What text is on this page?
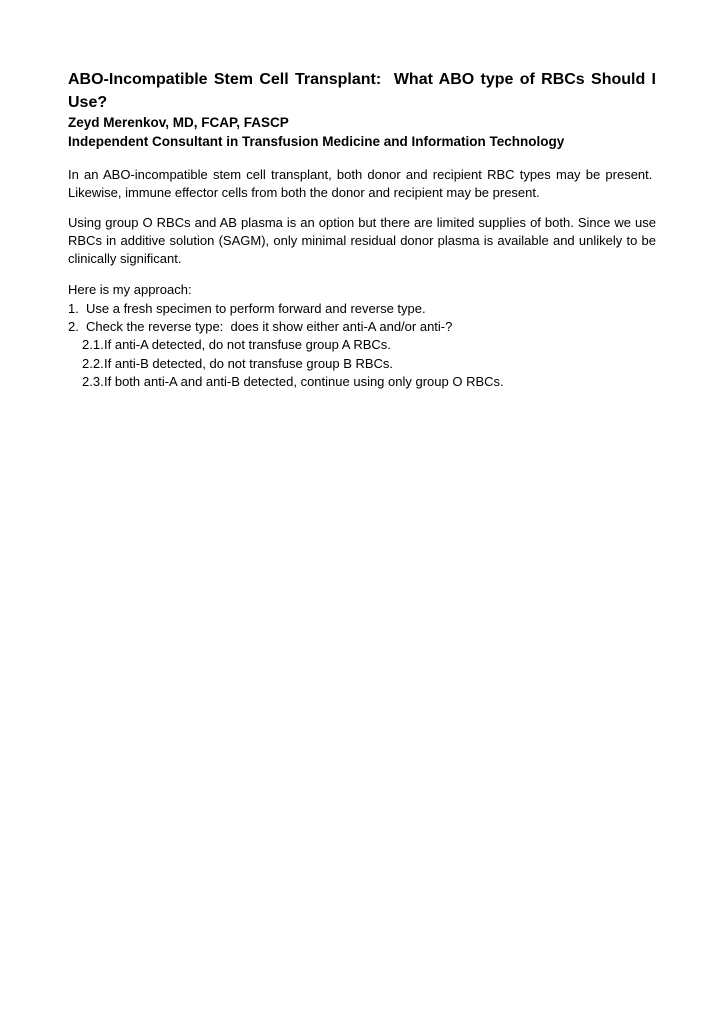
ABO-Incompatible Stem Cell Transplant:  What ABO type of RBCs Should I Use?

Zeyd Merenkov, MD, FCAP, FASCP

Independent Consultant in Transfusion Medicine and Information Technology

In an ABO-incompatible stem cell transplant, both donor and recipient RBC types may be present.  Likewise, immune effector cells from both the donor and recipient may be present.

Using group O RBCs and AB plasma is an option but there are limited supplies of both. Since we use RBCs in additive solution (SAGM), only minimal residual donor plasma is available and unlikely to be clinically significant.

Here is my approach:

1. Use a fresh specimen to perform forward and reverse type.
2. Check the reverse type:  does it show either anti-A and/or anti-?
2.1.If anti-A detected, do not transfuse group A RBCs.
2.2.If anti-B detected, do not transfuse group B RBCs.
2.3.If both anti-A and anti-B detected, continue using only group O RBCs.
